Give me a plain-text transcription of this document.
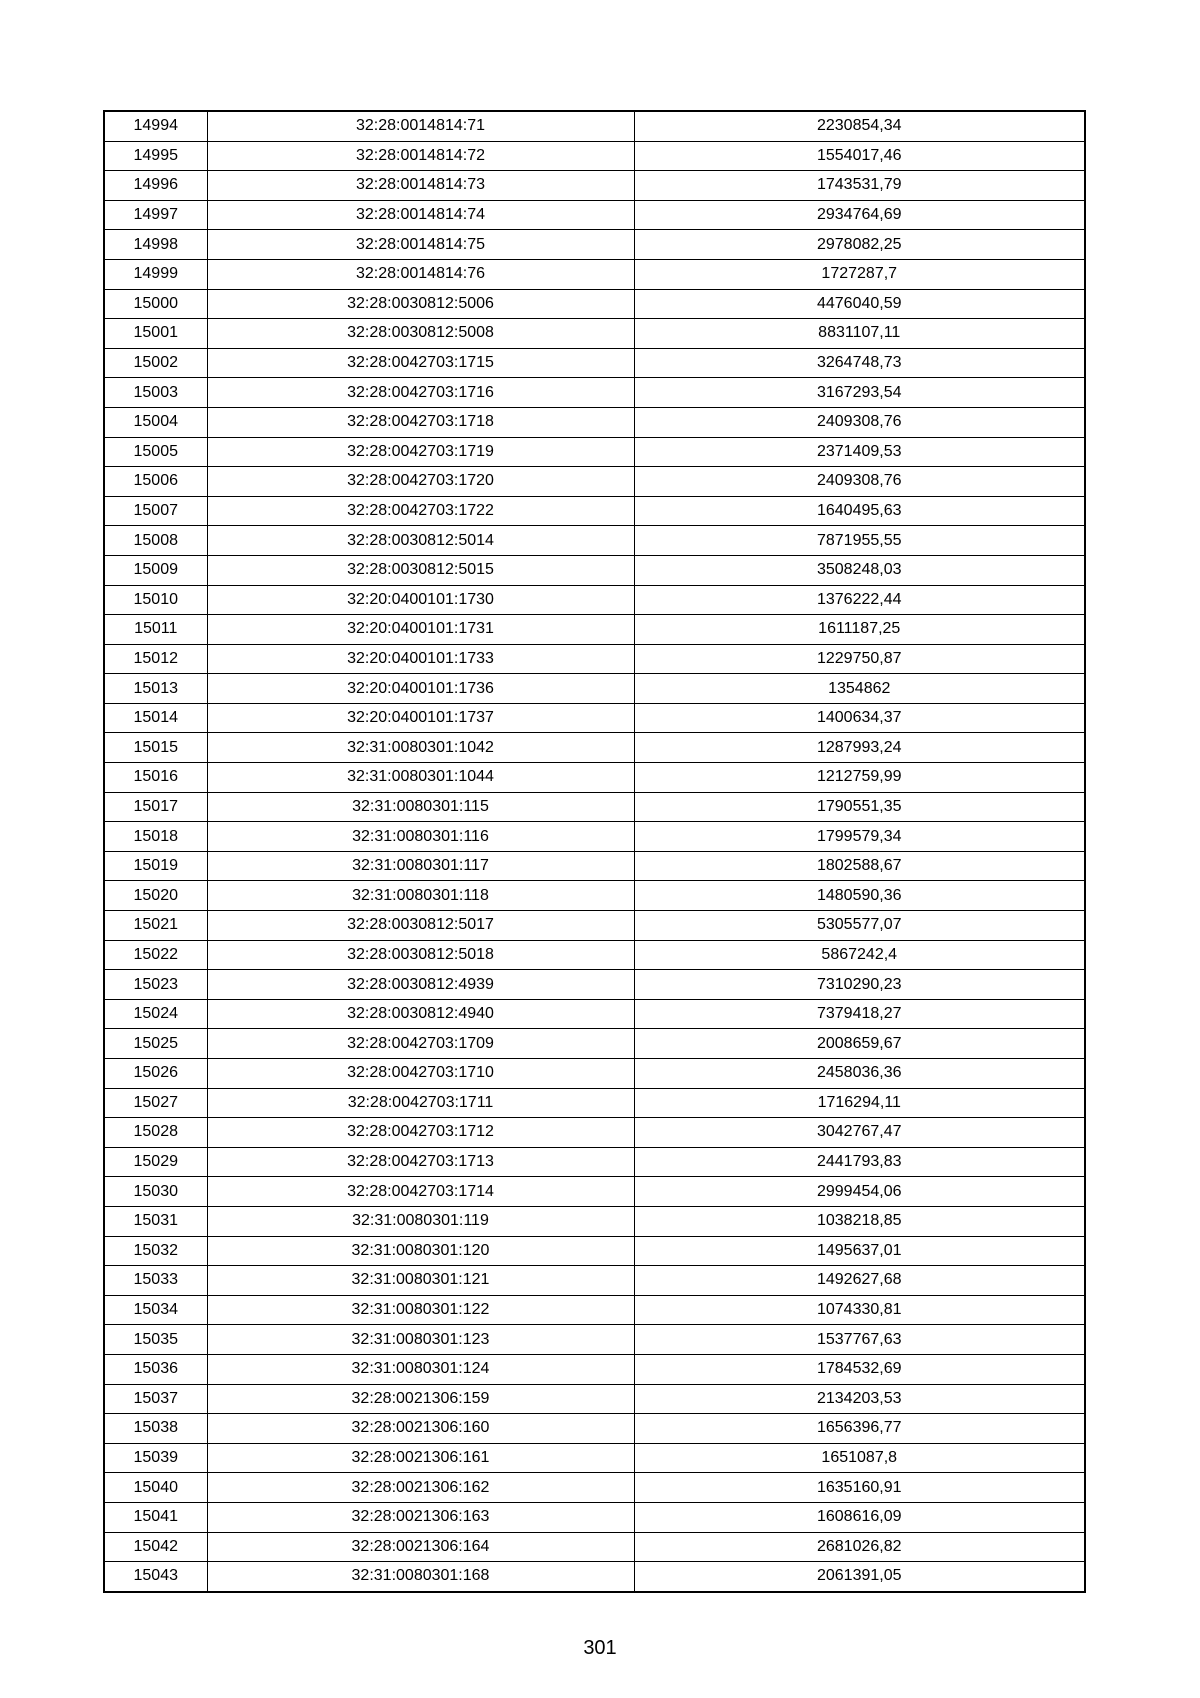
14994	32:28:0014814:71	2230854,34
14995	32:28:0014814:72	1554017,46
14996	32:28:0014814:73	1743531,79
14997	32:28:0014814:74	2934764,69
14998	32:28:0014814:75	2978082,25
14999	32:28:0014814:76	1727287,7
15000	32:28:0030812:5006	4476040,59
15001	32:28:0030812:5008	8831107,11
15002	32:28:0042703:1715	3264748,73
15003	32:28:0042703:1716	3167293,54
15004	32:28:0042703:1718	2409308,76
15005	32:28:0042703:1719	2371409,53
15006	32:28:0042703:1720	2409308,76
15007	32:28:0042703:1722	1640495,63
15008	32:28:0030812:5014	7871955,55
15009	32:28:0030812:5015	3508248,03
15010	32:20:0400101:1730	1376222,44
15011	32:20:0400101:1731	1611187,25
15012	32:20:0400101:1733	1229750,87
15013	32:20:0400101:1736	1354862
15014	32:20:0400101:1737	1400634,37
15015	32:31:0080301:1042	1287993,24
15016	32:31:0080301:1044	1212759,99
15017	32:31:0080301:115	1790551,35
15018	32:31:0080301:116	1799579,34
15019	32:31:0080301:117	1802588,67
15020	32:31:0080301:118	1480590,36
15021	32:28:0030812:5017	5305577,07
15022	32:28:0030812:5018	5867242,4
15023	32:28:0030812:4939	7310290,23
15024	32:28:0030812:4940	7379418,27
15025	32:28:0042703:1709	2008659,67
15026	32:28:0042703:1710	2458036,36
15027	32:28:0042703:1711	1716294,11
15028	32:28:0042703:1712	3042767,47
15029	32:28:0042703:1713	2441793,83
15030	32:28:0042703:1714	2999454,06
15031	32:31:0080301:119	1038218,85
15032	32:31:0080301:120	1495637,01
15033	32:31:0080301:121	1492627,68
15034	32:31:0080301:122	1074330,81
15035	32:31:0080301:123	1537767,63
15036	32:31:0080301:124	1784532,69
15037	32:28:0021306:159	2134203,53
15038	32:28:0021306:160	1656396,77
15039	32:28:0021306:161	1651087,8
15040	32:28:0021306:162	1635160,91
15041	32:28:0021306:163	1608616,09
15042	32:28:0021306:164	2681026,82
15043	32:31:0080301:168	2061391,05
301
